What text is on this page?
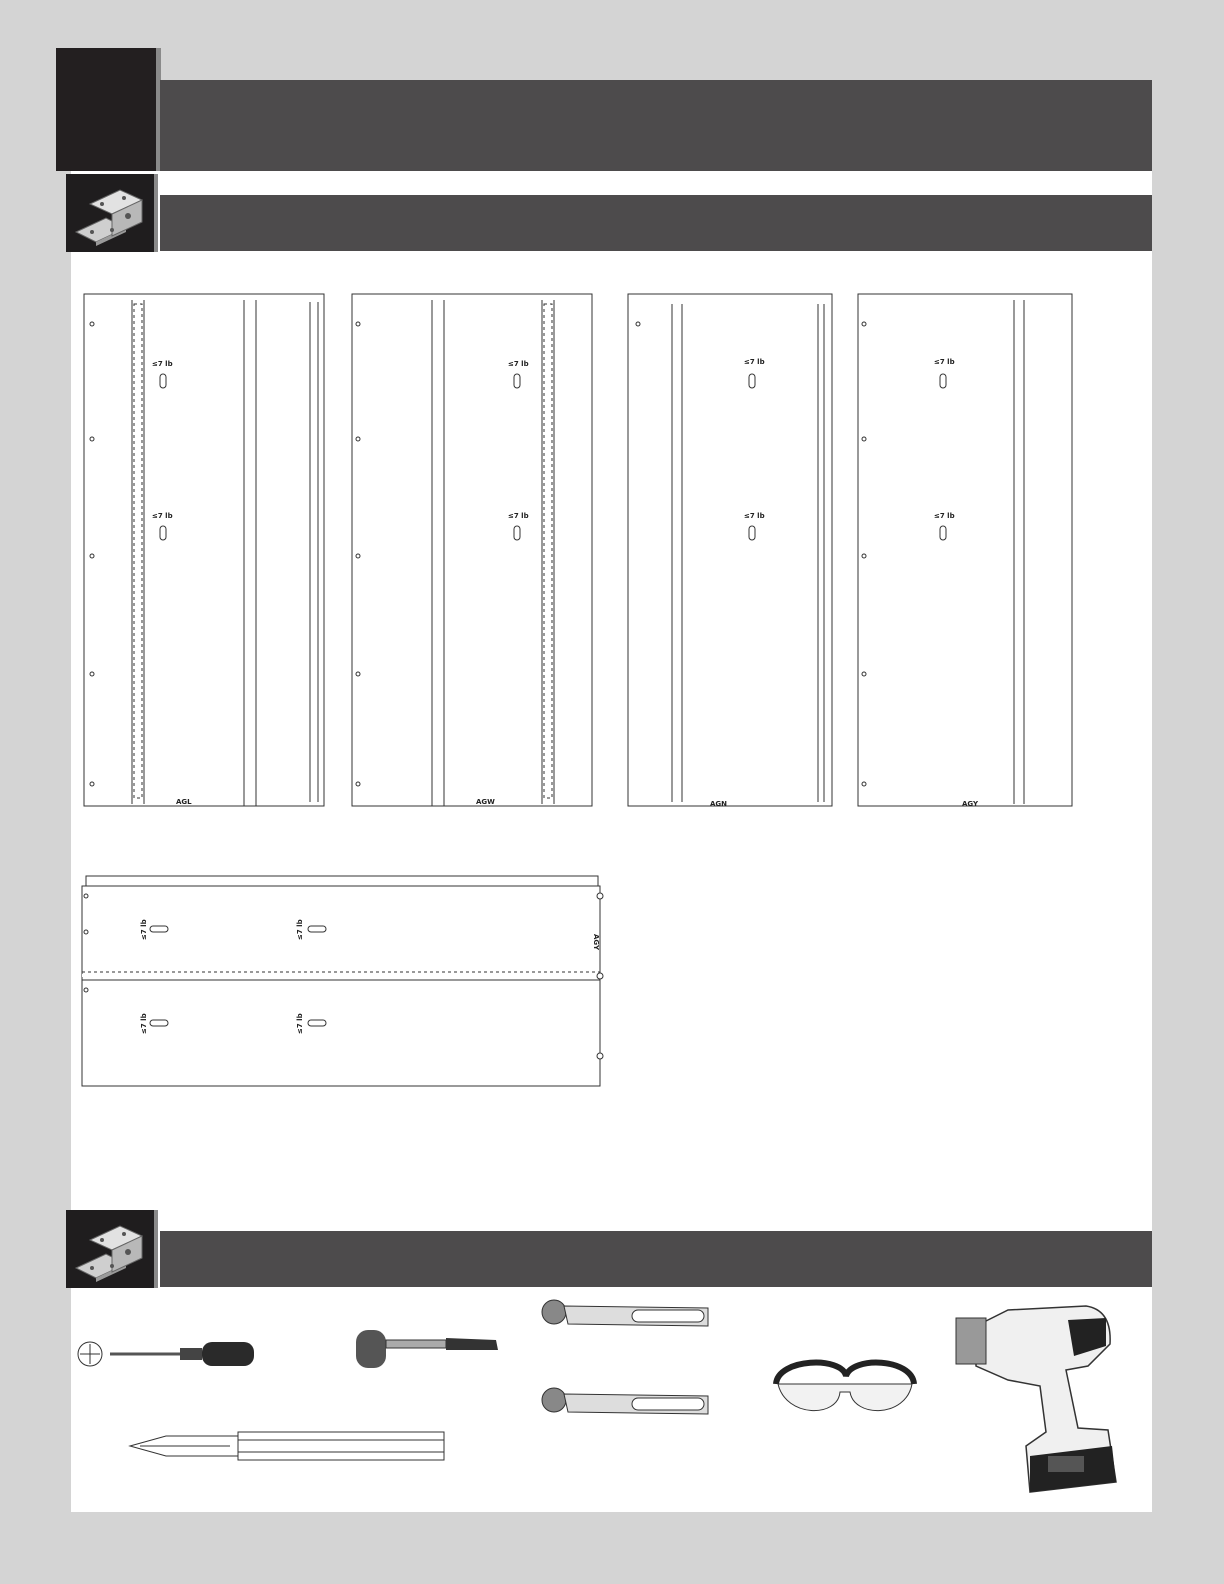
≤7 lb
≤7 lb
AGL
≤7 lb
≤7 lb
AGW
≤7 lb
≤7 lb
AGN
≤7 lb
≤7 lb
AGY
≤7 lb	≤7 lb
≤7 lb	≤7 lb
AGY
